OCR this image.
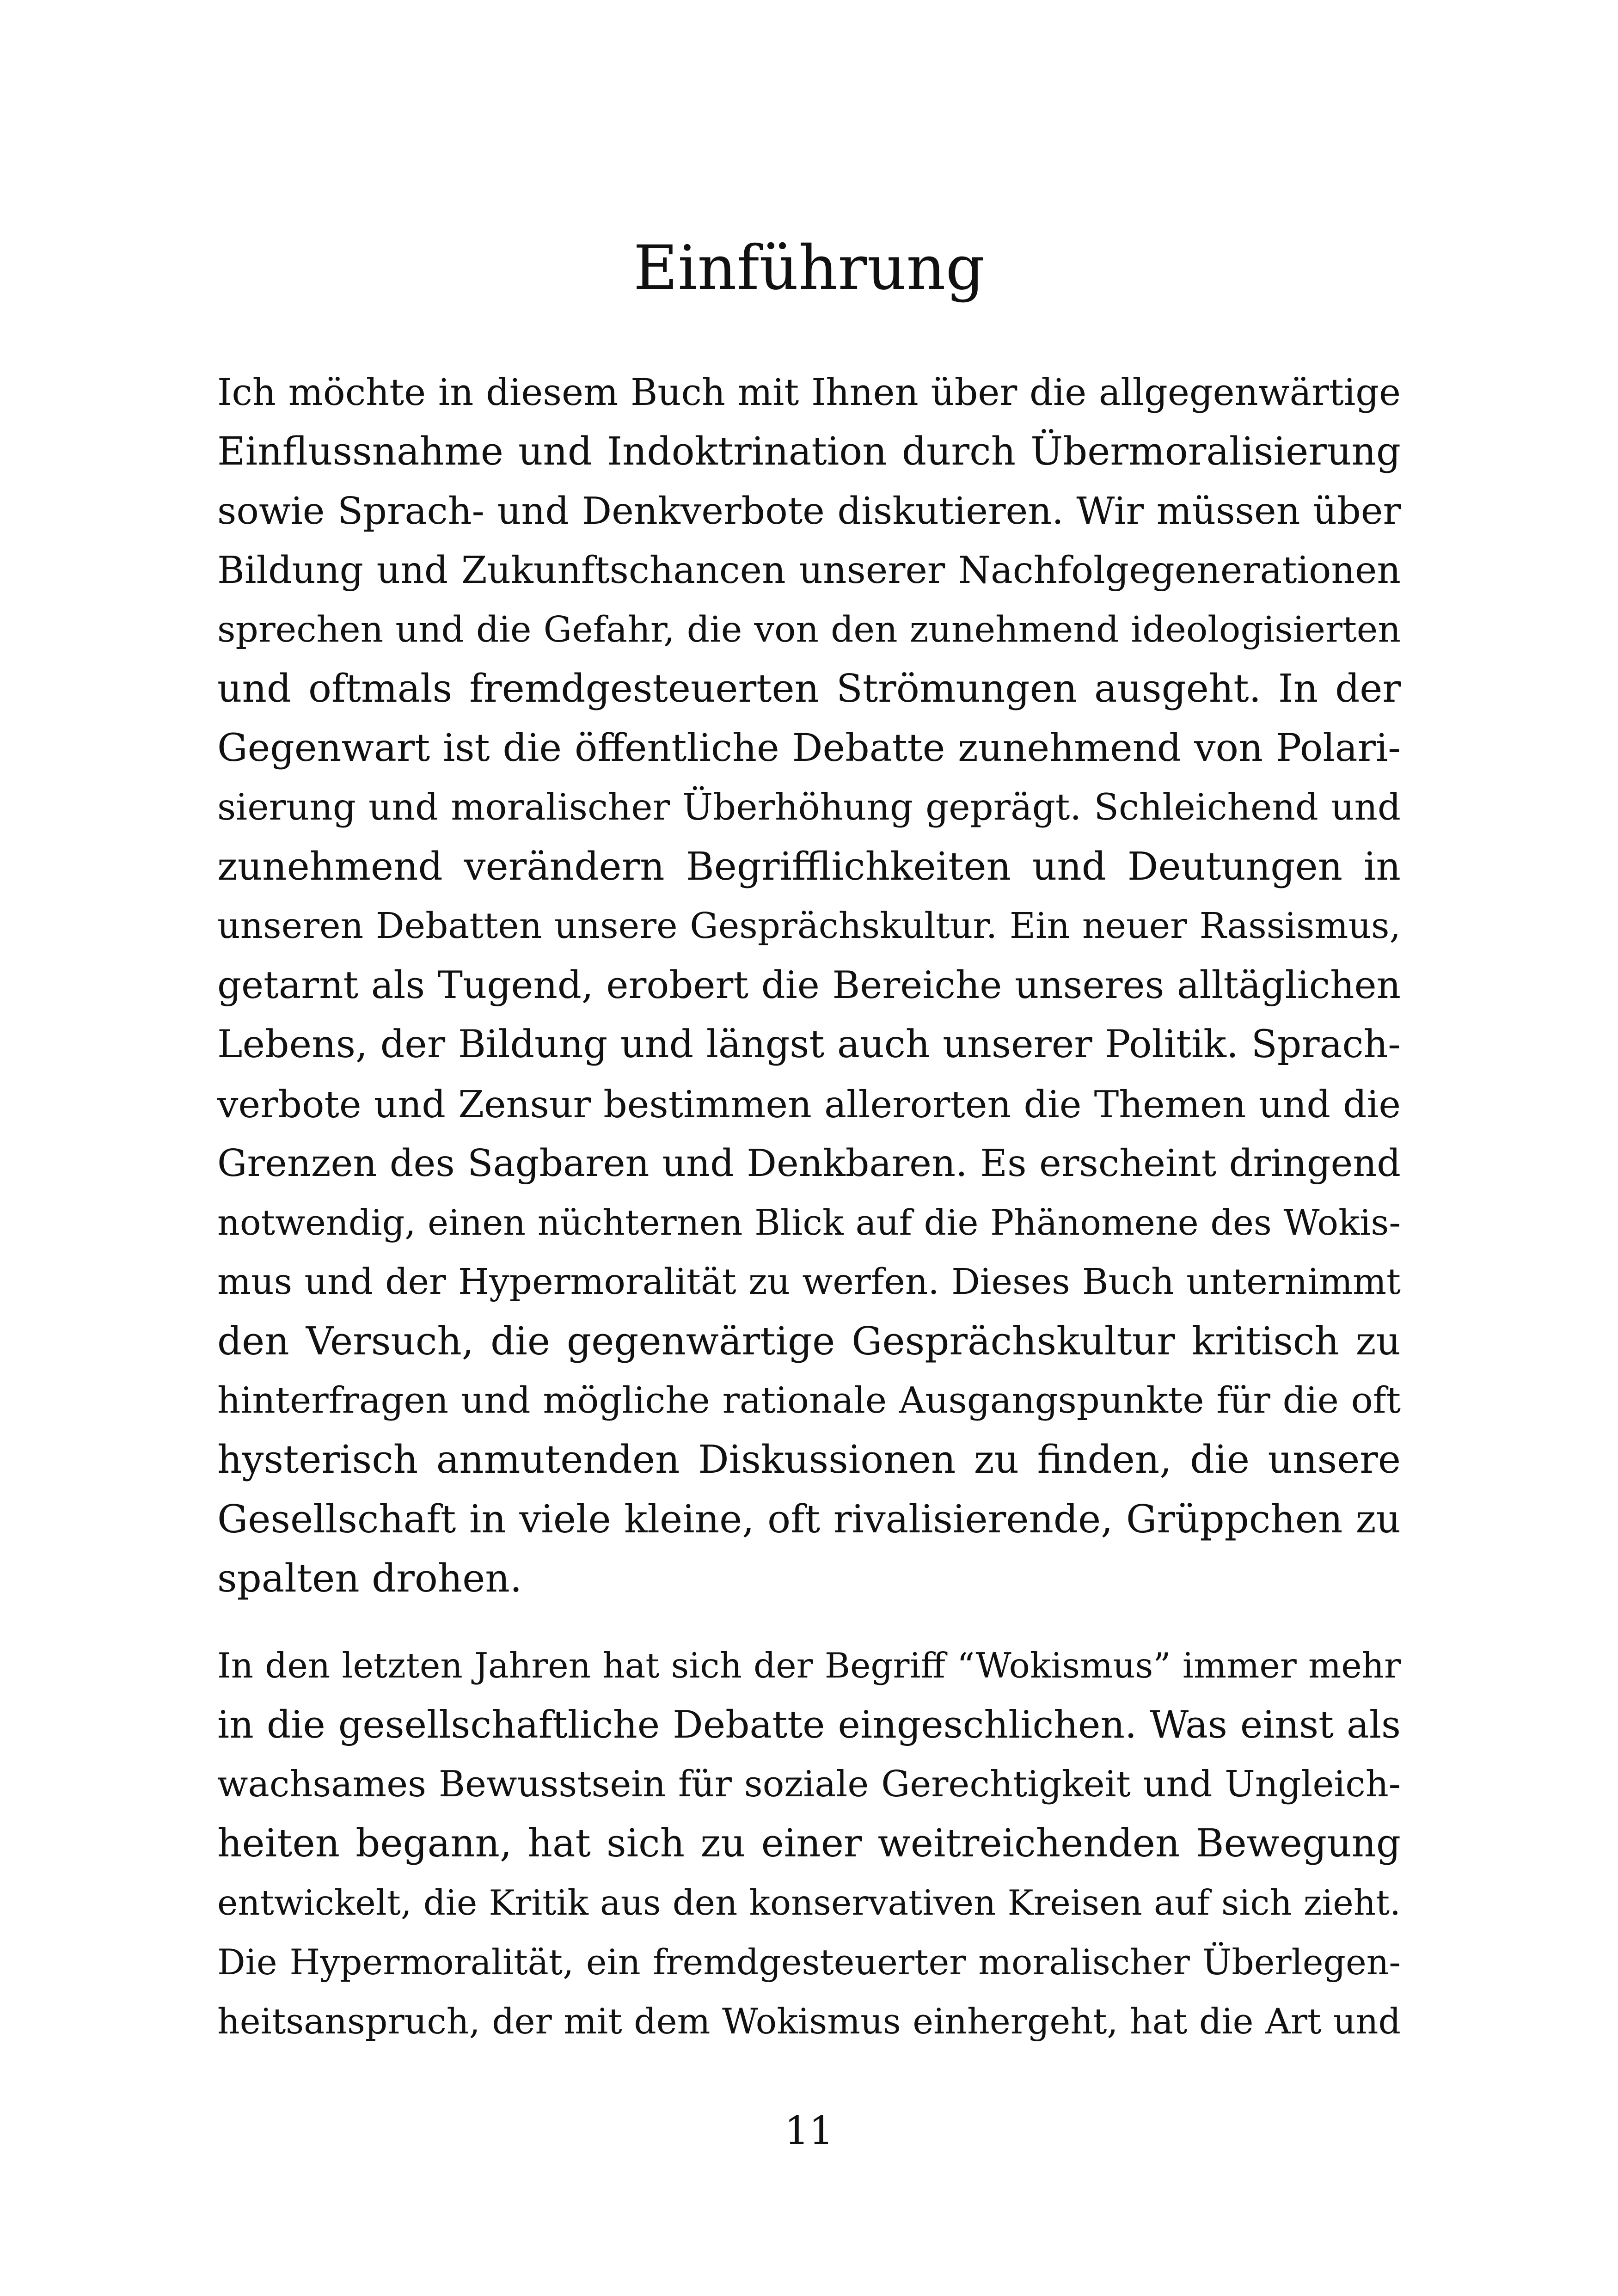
Einführung

Ich möchte in diesem Buch mit Ihnen über die allgegenwärtige
Einflussnahme und Indoktrination durch Übermoralisierung
sowie Sprach- und Denkverbote diskutieren. Wir müssen über
Bildung und Zukunftschancen unserer Nachfolgegenerationen
sprechen und die Gefahr, die von den zunehmend ideologisierten
und oftmals fremdgesteuerten Strömungen ausgeht. In der
Gegenwart ist die öffentliche Debatte zunehmend von Polari-
sierung und moralischer Überhöhung geprägt. Schleichend und
zunehmend verändern Begrifflichkeiten und Deutungen in
unseren Debatten unsere Gesprächskultur. Ein neuer Rassismus,
getarnt als Tugend, erobert die Bereiche unseres alltäglichen
Lebens, der Bildung und längst auch unserer Politik. Sprach-
verbote und Zensur bestimmen allerorten die Themen und die
Grenzen des Sagbaren und Denkbaren. Es erscheint dringend
notwendig, einen nüchternen Blick auf die Phänomene des Wokis-
mus und der Hypermoralität zu werfen. Dieses Buch unternimmt
den Versuch, die gegenwärtige Gesprächskultur kritisch zu
hinterfragen und mögliche rationale Ausgangspunkte für die oft
hysterisch anmutenden Diskussionen zu finden, die unsere
Gesellschaft in viele kleine, oft rivalisierende, Grüppchen zu
spalten drohen.

In den letzten Jahren hat sich der Begriff “Wokismus” immer mehr
in die gesellschaftliche Debatte eingeschlichen. Was einst als
wachsames Bewusstsein für soziale Gerechtigkeit und Ungleich-
heiten begann, hat sich zu einer weitreichenden Bewegung
entwickelt, die Kritik aus den konservativen Kreisen auf sich zieht.
Die Hypermoralität, ein fremdgesteuerter moralischer Überlegen-
heitsanspruch, der mit dem Wokismus einhergeht, hat die Art und

11
